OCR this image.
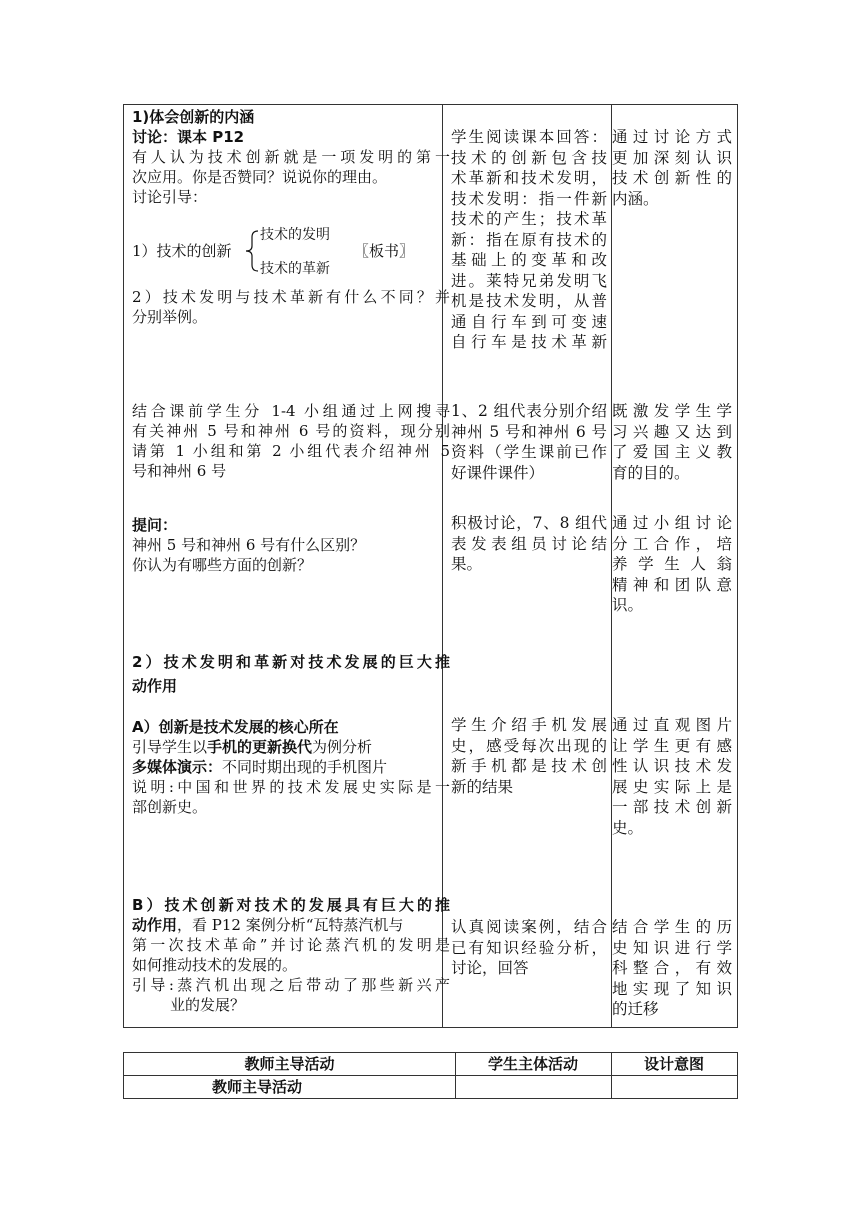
1)体会创新的内涵
讨论：课本 P12
有人认为技术创新就是一项发明的第一
次应用。你是否赞同？说说你的理由。
讨论引导：
1）技术的创新
技术的发明
技术的革新
〖板书〗
2）技术发明与技术革新有什么不同？并
分别举例。
结合课前学生分 1-4 小组通过上网搜寻
有关神州 5 号和神州 6 号的资料，现分别
请第 1 小组和第 2 小组代表介绍神州 5
号和神州 6 号
提问：
神州 5 号和神州 6 号有什么区别？
你认为有哪些方面的创新？
2）技术发明和革新对技术发展的巨大推
动作用
A）创新是技术发展的核心所在
引导学生以手机的更新换代为例分析
多媒体演示：不同时期出现的手机图片
说明:中国和世界的技术发展史实际是一
部创新史。
B）技术创新对技术的发展具有巨大的推
动作用，看 P12 案例分析“瓦特蒸汽机与
第一次技术革命”并讨论蒸汽机的发明是
如何推动技术的发展的。
引导:蒸汽机出现之后带动了那些新兴产
业的发展？
学生阅读课本回答：
技术的创新包含技
术革新和技术发明，
技术发明：指一件新
技术的产生；技术革
新：指在原有技术的
基础上的变革和改
进。莱特兄弟发明飞
机是技术发明，从普
通自行车到可变速
自行车是技术革新
1、2 组代表分别介绍
神州 5 号和神州 6 号
资料（学生课前已作
好课件课件）
积极讨论，7、8 组代
表发表组员讨论结
果。
学生介绍手机发展
史，感受每次出现的
新手机都是技术创
新的结果
认真阅读案例，结合
已有知识经验分析，
讨论，回答
通过讨论方式
更加深刻认识
技术创新性的
内涵。
既激发学生学
习兴趣又达到
了爱国主义教
育的目的。
通过小组讨论
分工合作，培
养学生人翁
精神和团队意
识。
通过直观图片
让学生更有感
性认识技术发
展史实际上是
一部技术创新
史。
结合学生的历
史知识进行学
科整合，有效
地实现了知识
的迁移
教师主导活动	学生主体活动	设计意图
教师主导活动
